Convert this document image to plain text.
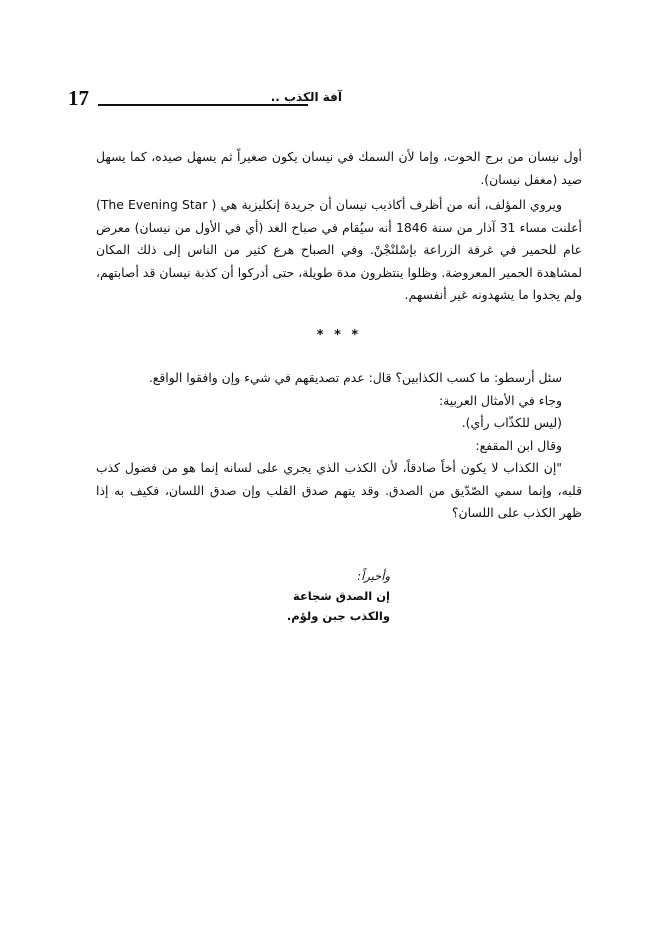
17	آفة الكذب ..

أول نيسان من برج الحوت، وإما لأن السمك في نيسان يكون صغيراً ثم يسهل صيده، كما يسهل صيد (مغفل نيسان).

ويروي المؤلف، أنه من أظرف أكاذيب نيسان أن جريدة إنكليزية هي ( The Evening Star) أعلنت مساء 31 آذار من سنة 1846 أنه سيُقام في صباح الغد (أي في الأول من نيسان) معرض عام للحمير في غرفة الزراعة بإسْلنْجْنْ. وفي الصباح هرع كثير من الناس إلى ذلك المكان لمشاهدة الحمير المعروضة. وظلوا ينتظرون مدة طويلة، حتى أدركوا أن كذبة نيسان قد أصابتهم، ولم يجدوا ما يشهدونه غير أنفسهم.

* * *

سئل أرسطو: ما كسب الكذابين؟ قال: عدم تصديقهم في شيء وإن وافقوا الواقع.

وجاء في الأمثال العربية:

(ليس للكذّاب رأي).

وقال ابن المقفع:

"إن الكذاب لا يكون أخاً صادقاً، لأن الكذب الذي يجري على لسانه إنما هو من فضول كذب قلبه، وإنما سمي الصّدّيق من الصدق. وقد يتهم صدق القلب وإن صدق اللسان، فكيف به إذا ظهر الكذب على اللسان؟

وأخيراً:
إن الصدق شجاعة
والكذب جبن ولؤم.
